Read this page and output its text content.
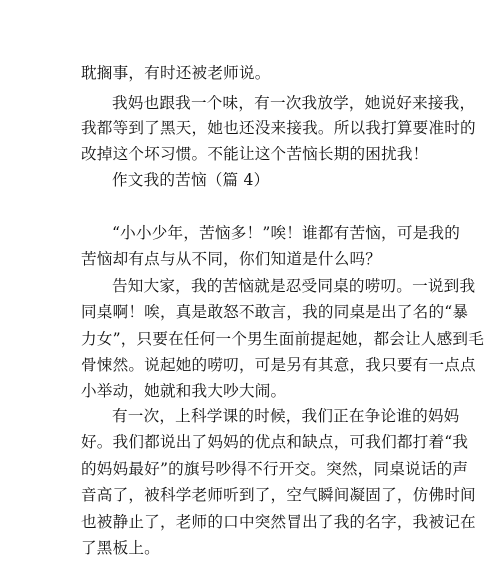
耽搁事，有时还被老师说。
我妈也跟我一个味，有一次我放学，她说好来接我，
我都等到了黑天，她也还没来接我。所以我打算要准时的
改掉这个坏习惯。不能让这个苦恼长期的困扰我！
作文我的苦恼（篇 4）
“小小少年，苦恼多！”唉！谁都有苦恼，可是我的
苦恼却有点与从不同，你们知道是什么吗？
告知大家，我的苦恼就是忍受同桌的唠叨。一说到我
同桌啊！唉，真是敢怒不敢言，我的同桌是出了名的“暴
力女”，只要在任何一个男生面前提起她，都会让人感到毛
骨悚然。说起她的唠叨，可是另有其意，我只要有一点点
小举动，她就和我大吵大闹。
有一次，上科学课的时候，我们正在争论谁的妈妈
好。我们都说出了妈妈的优点和缺点，可我们都打着“我
的妈妈最好”的旗号吵得不行开交。突然，同桌说话的声
音高了，被科学老师听到了，空气瞬间凝固了，仿佛时间
也被静止了，老师的口中突然冒出了我的名字，我被记在
了黑板上。
